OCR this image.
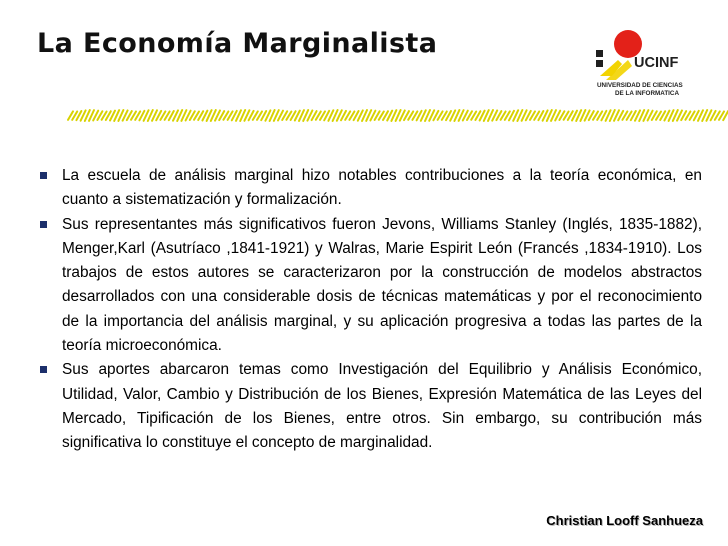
La Economía Marginalista
UCINF
UNIVERSIDAD DE CIENCIAS
DE LA INFORMATICA
La escuela de análisis marginal hizo notables contribuciones a la teoría económica, en cuanto a sistematización y formalización.
Sus representantes más significativos fueron Jevons, Williams Stanley (Inglés, 1835-1882), Menger,Karl (Asutríaco ,1841-1921) y Walras, Marie Espirit León (Francés ,1834-1910). Los trabajos de estos autores se caracterizaron por la construcción de modelos abstractos desarrollados con una considerable dosis de técnicas matemáticas y por el reconocimiento de la importancia del análisis marginal, y su aplicación progresiva a todas las partes de la teoría microeconómica.
Sus aportes abarcaron temas como Investigación del Equilibrio y Análisis Económico, Utilidad, Valor, Cambio y Distribución de los Bienes, Expresión Matemática de las Leyes del Mercado, Tipificación de los Bienes, entre otros. Sin embargo, su contribución más significativa lo constituye el concepto de marginalidad.
Christian Looff Sanhueza
